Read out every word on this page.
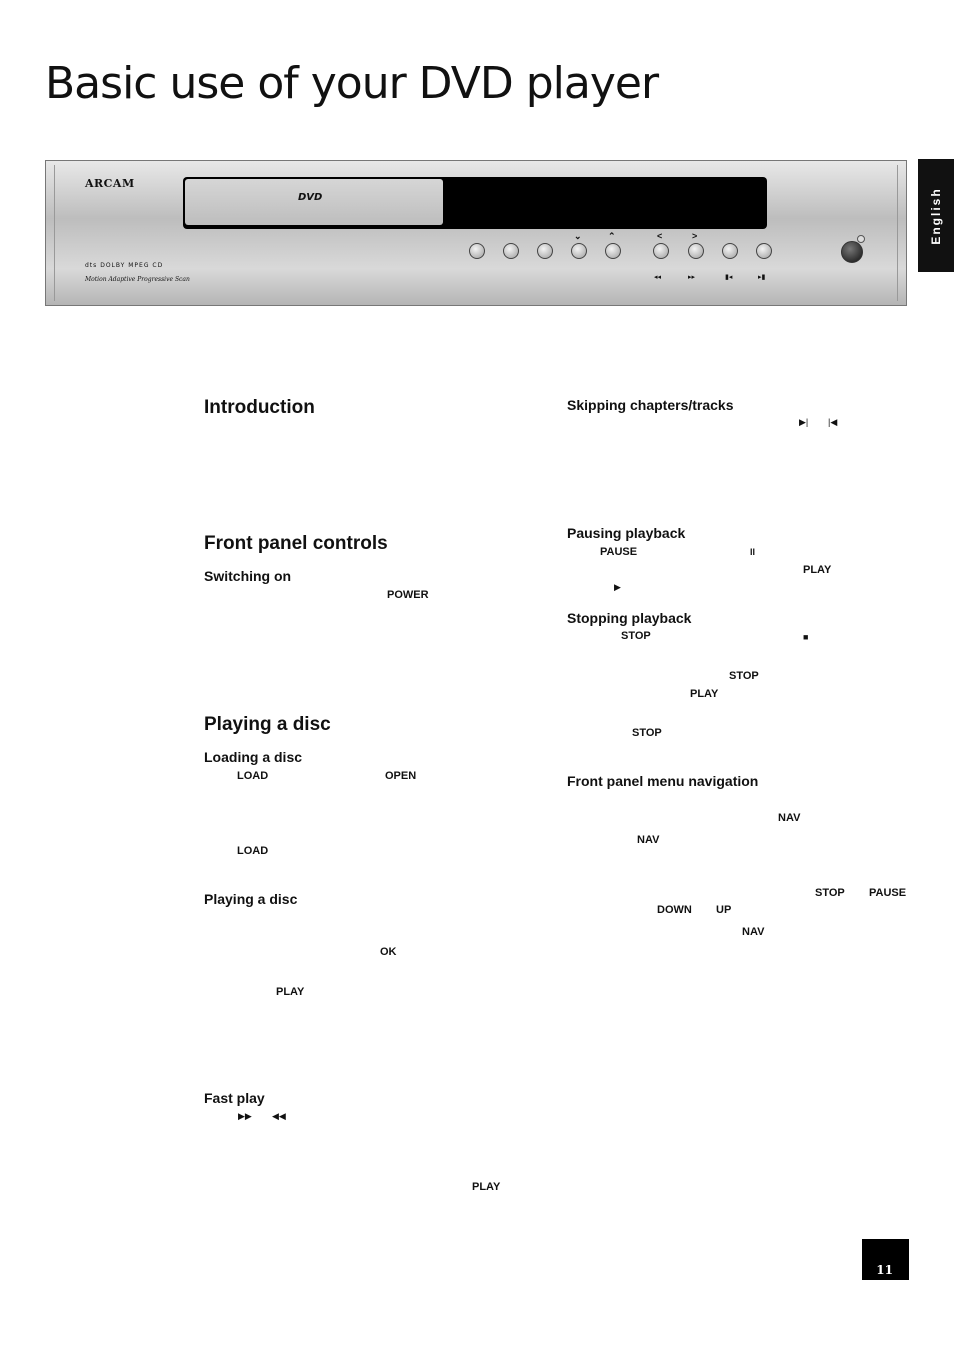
Basic use of your DVD player
English
ARCAM
DVD
⌄	⌃	<	>
◂◂	▸▸	▮◂	▸▮
dts DOLBY MPEG CD
Motion Adaptive Progressive Scan
Introduction
Front panel controls
Switching on
POWER
Playing a disc
Loading a disc
LOAD	OPEN
LOAD
Playing a disc
OK
PLAY
Fast play
▶▶ ◀◀
PLAY
Skipping chapters/tracks
▶| |◀
Pausing playback
PAUSE	II
PLAY
▶
Stopping playback
STOP	■
STOP
PLAY
STOP
Front panel menu navigation
NAV
NAV
STOP PAUSE
DOWN UP
NAV
11
